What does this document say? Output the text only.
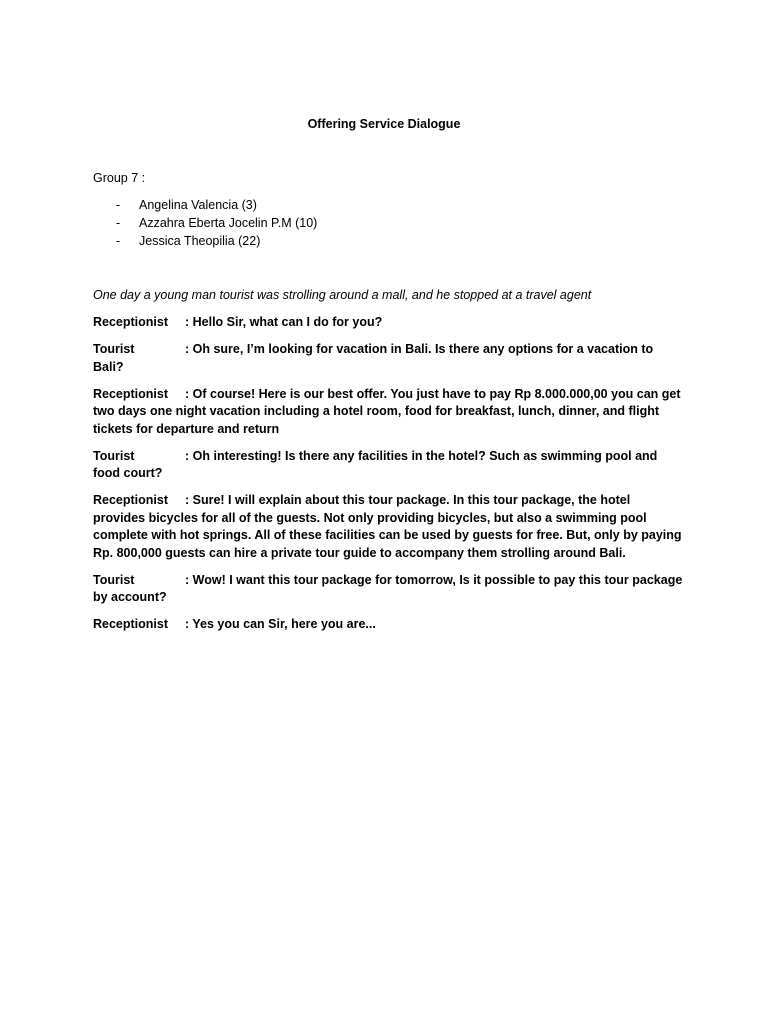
Offering Service Dialogue
Group 7 :
- Angelina Valencia (3)
- Azzahra Eberta Jocelin P.M (10)
- Jessica Theopilia (22)
One day a young man tourist was strolling around a mall, and he stopped at a travel agent

Receptionist : Hello Sir, what can I do for you?

Tourist	: Oh sure, I’m looking for vacation in Bali. Is there any options for a vacation to Bali?

Receptionist : Of course! Here is our best offer. You just have to pay Rp 8.000.000,00 you can get two days one night vacation including a hotel room, food for breakfast, lunch, dinner, and flight tickets for departure and return

Tourist	: Oh interesting! Is there any facilities in the hotel? Such as swimming pool and food court?

Receptionist : Sure! I will explain about this tour package. In this tour package, the hotel provides bicycles for all of the guests. Not only providing bicycles, but also a swimming pool complete with hot springs. All of these facilities can be used by guests for free. But, only by paying Rp. 800,000 guests can hire a private tour guide to accompany them strolling around Bali.

Tourist	: Wow! I want this tour package for tomorrow, Is it possible to pay this tour package by account?

Receptionist : Yes you can Sir, here you are...
